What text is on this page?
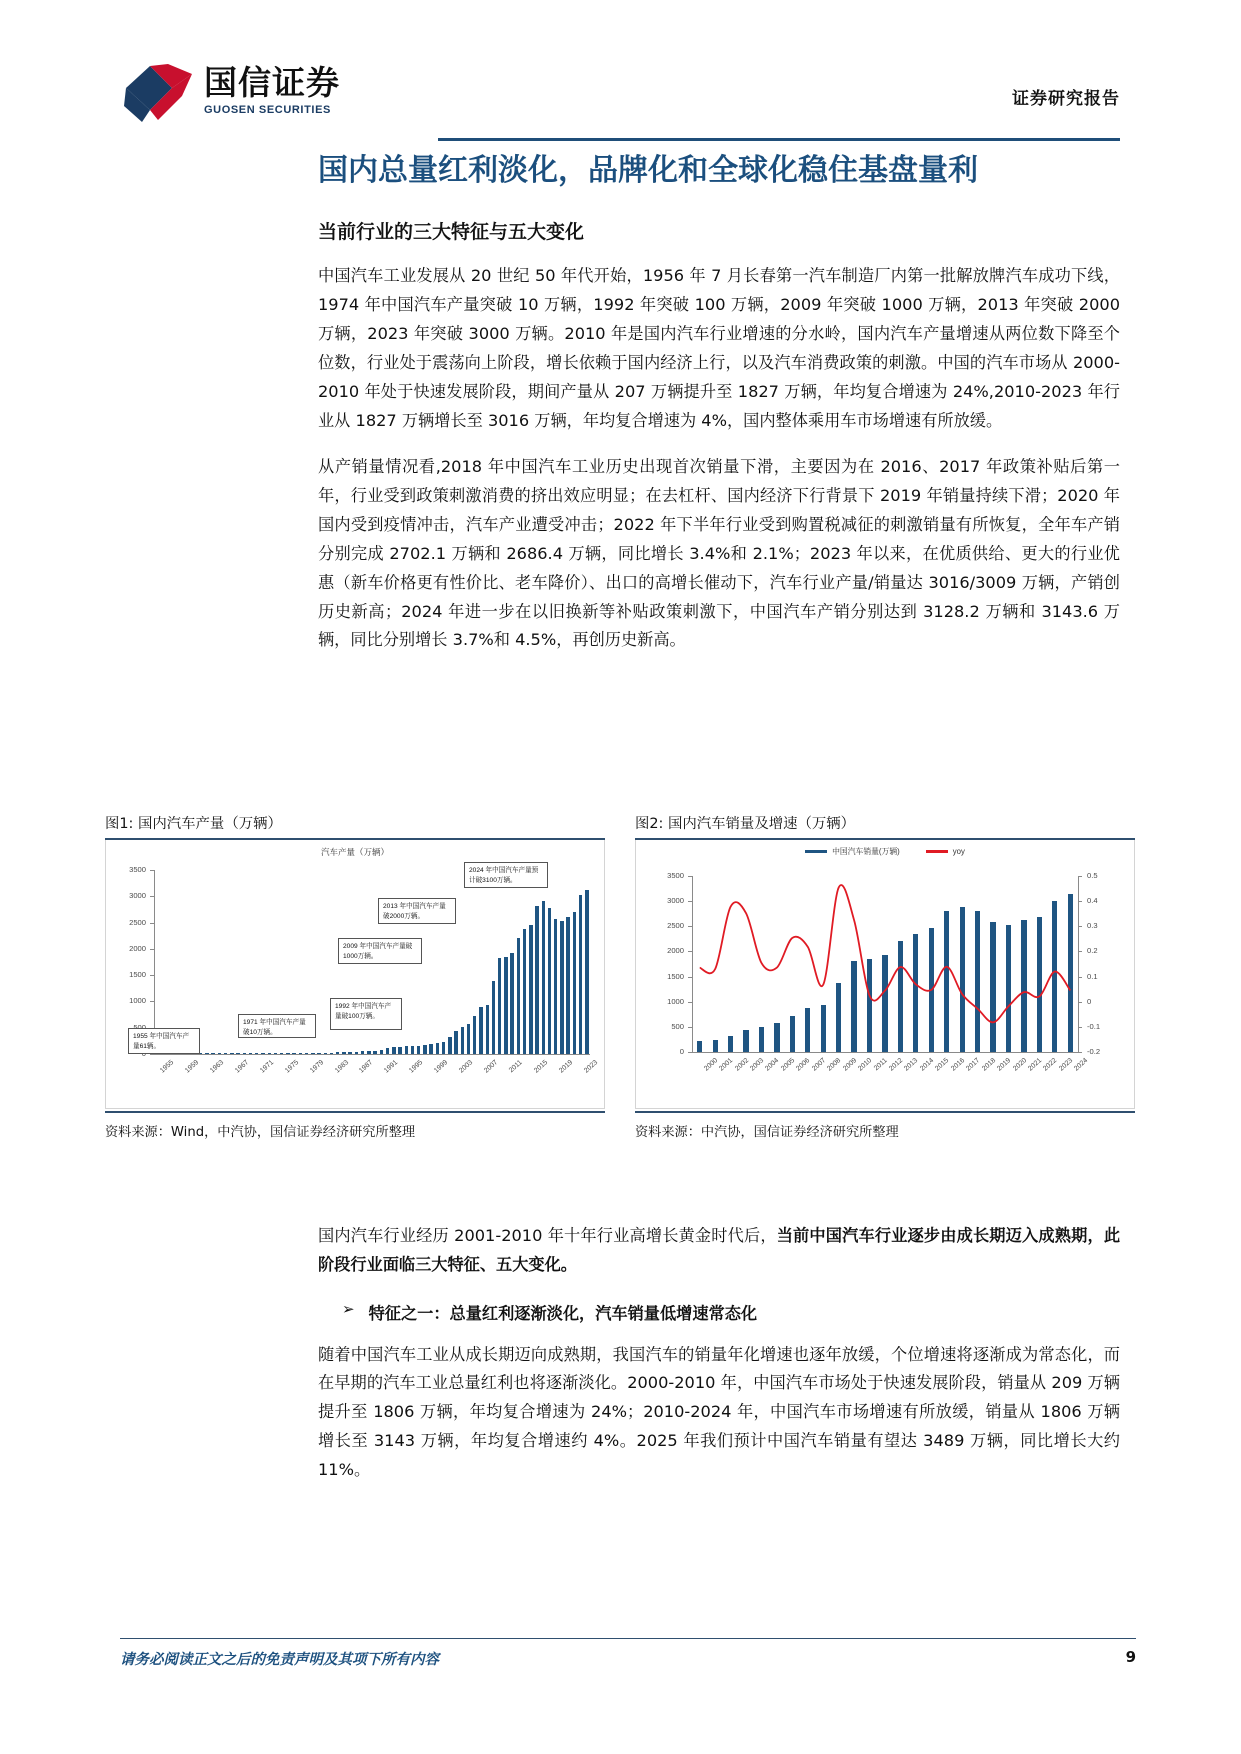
国信证券
GUOSEN SECURITIES
证券研究报告
国内总量红利淡化，品牌化和全球化稳住基盘量利
当前行业的三大特征与五大变化

中国汽车工业发展从 20 世纪 50 年代开始，1956 年 7 月长春第一汽车制造厂内第一批解放牌汽车成功下线，1974 年中国汽车产量突破 10 万辆，1992 年突破 100 万辆，2009 年突破 1000 万辆，2013 年突破 2000 万辆，2023 年突破 3000 万辆。2010 年是国内汽车行业增速的分水岭，国内汽车产量增速从两位数下降至个位数，行业处于震荡向上阶段，增长依赖于国内经济上行，以及汽车消费政策的刺激。中国的汽车市场从 2000-2010 年处于快速发展阶段，期间产量从 207 万辆提升至 1827 万辆，年均复合增速为 24%,2010-2023 年行业从 1827 万辆增长至 3016 万辆，年均复合增速为 4%，国内整体乘用车市场增速有所放缓。

从产销量情况看,2018 年中国汽车工业历史出现首次销量下滑，主要因为在 2016、2017 年政策补贴后第一年，行业受到政策刺激消费的挤出效应明显；在去杠杆、国内经济下行背景下 2019 年销量持续下滑；2020 年国内受到疫情冲击，汽车产业遭受冲击；2022 年下半年行业受到购置税减征的刺激销量有所恢复，全年车产销分别完成 2702.1 万辆和 2686.4 万辆，同比增长 3.4%和 2.1%；2023 年以来，在优质供给、更大的行业优惠（新车价格更有性价比、老车降价）、出口的高增长催动下，汽车行业产量/销量达 3016/3009 万辆，产销创历史新高；2024 年进一步在以旧换新等补贴政策刺激下，中国汽车产销分别达到 3128.2 万辆和 3143.6 万辆，同比分别增长 3.7%和 4.5%，再创历史新高。

图1: 国内汽车产量（万辆）
汽车产量（万辆）
1000
1500
2000
2500
3000
3500
1955 1959 1963 1967 1971 1975 1979 1983 1987 1991 1995 1999 2003 2007 2011 2015 2019 2023
1955 年中国汽车产量61辆。
1971 年中国汽车产量破10万辆。
1992 年中国汽车产量破100万辆。
2009 年中国汽车产量破1000万辆。
2013 年中国汽车产量破2000万辆。
2024 年中国汽车产量预计破3100万辆。
资料来源：Wind，中汽协，国信证券经济研究所整理
图2: 国内汽车销量及增速（万辆）
中国汽车销量(万辆)	yoy
0
500
1000
1500
2000
2500
3000
3500
-0.2
-0.1
0
0.1
0.2
0.3
0.4
0.5
2000 2001 2002 2003 2004 2005 2006 2007 2008 2009 2010 2011 2012 2013 2014 2015 2016 2017 2018 2019 2020 2021 2022 2023 2024
资料来源：中汽协，国信证券经济研究所整理

国内汽车行业经历 2001-2010 年十年行业高增长黄金时代后，当前中国汽车行业逐步由成长期迈入成熟期，此阶段行业面临三大特征、五大变化。

➢ 特征之一：总量红利逐渐淡化，汽车销量低增速常态化

随着中国汽车工业从成长期迈向成熟期，我国汽车的销量年化增速也逐年放缓，个位增速将逐渐成为常态化，而在早期的汽车工业总量红利也将逐渐淡化。2000-2010 年，中国汽车市场处于快速发展阶段，销量从 209 万辆提升至 1806 万辆，年均复合增速为 24%；2010-2024 年，中国汽车市场增速有所放缓，销量从 1806 万辆增长至 3143 万辆，年均复合增速约 4%。2025 年我们预计中国汽车销量有望达 3489 万辆，同比增长大约 11%。

请务必阅读正文之后的免责声明及其项下所有内容	9
